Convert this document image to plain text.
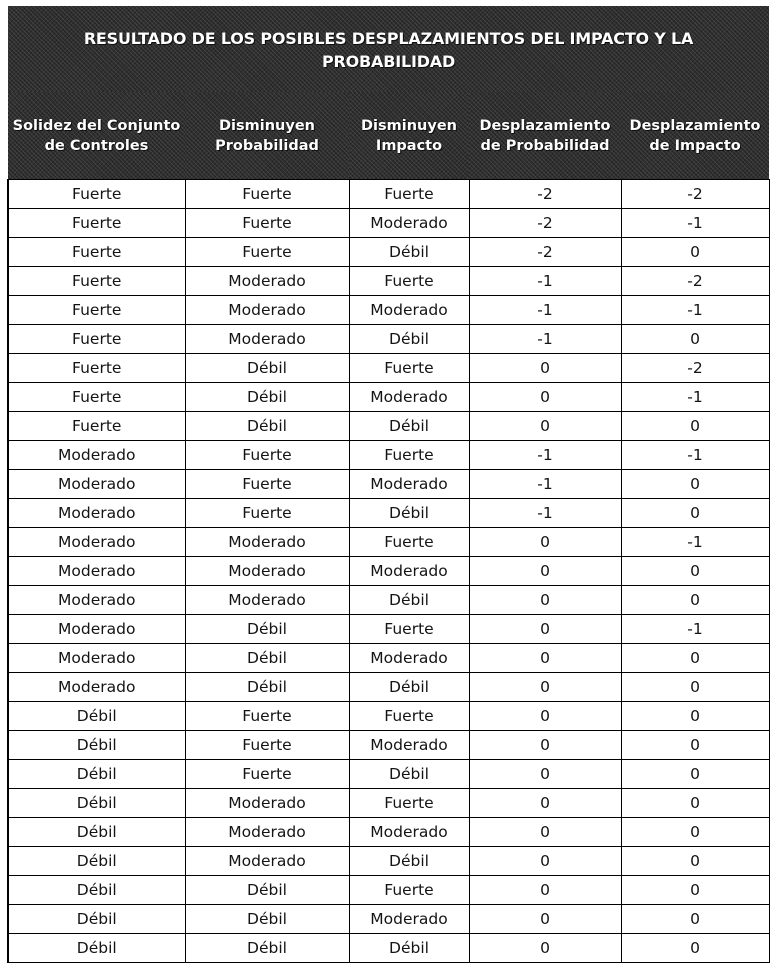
RESULTADO DE LOS POSIBLES DESPLAZAMIENTOS DEL IMPACTO Y LA PROBABILIDAD				
Solidez del Conjunto de Controles	Disminuyen Probabilidad	Disminuyen Impacto	Desplazamiento de Probabilidad	Desplazamiento de Impacto
Fuerte	Fuerte	Fuerte	-2	-2
Fuerte	Fuerte	Moderado	-2	-1
Fuerte	Fuerte	Débil	-2	0
Fuerte	Moderado	Fuerte	-1	-2
Fuerte	Moderado	Moderado	-1	-1
Fuerte	Moderado	Débil	-1	0
Fuerte	Débil	Fuerte	0	-2
Fuerte	Débil	Moderado	0	-1
Fuerte	Débil	Débil	0	0
Moderado	Fuerte	Fuerte	-1	-1
Moderado	Fuerte	Moderado	-1	0
Moderado	Fuerte	Débil	-1	0
Moderado	Moderado	Fuerte	0	-1
Moderado	Moderado	Moderado	0	0
Moderado	Moderado	Débil	0	0
Moderado	Débil	Fuerte	0	-1
Moderado	Débil	Moderado	0	0
Moderado	Débil	Débil	0	0
Débil	Fuerte	Fuerte	0	0
Débil	Fuerte	Moderado	0	0
Débil	Fuerte	Débil	0	0
Débil	Moderado	Fuerte	0	0
Débil	Moderado	Moderado	0	0
Débil	Moderado	Débil	0	0
Débil	Débil	Fuerte	0	0
Débil	Débil	Moderado	0	0
Débil	Débil	Débil	0	0
